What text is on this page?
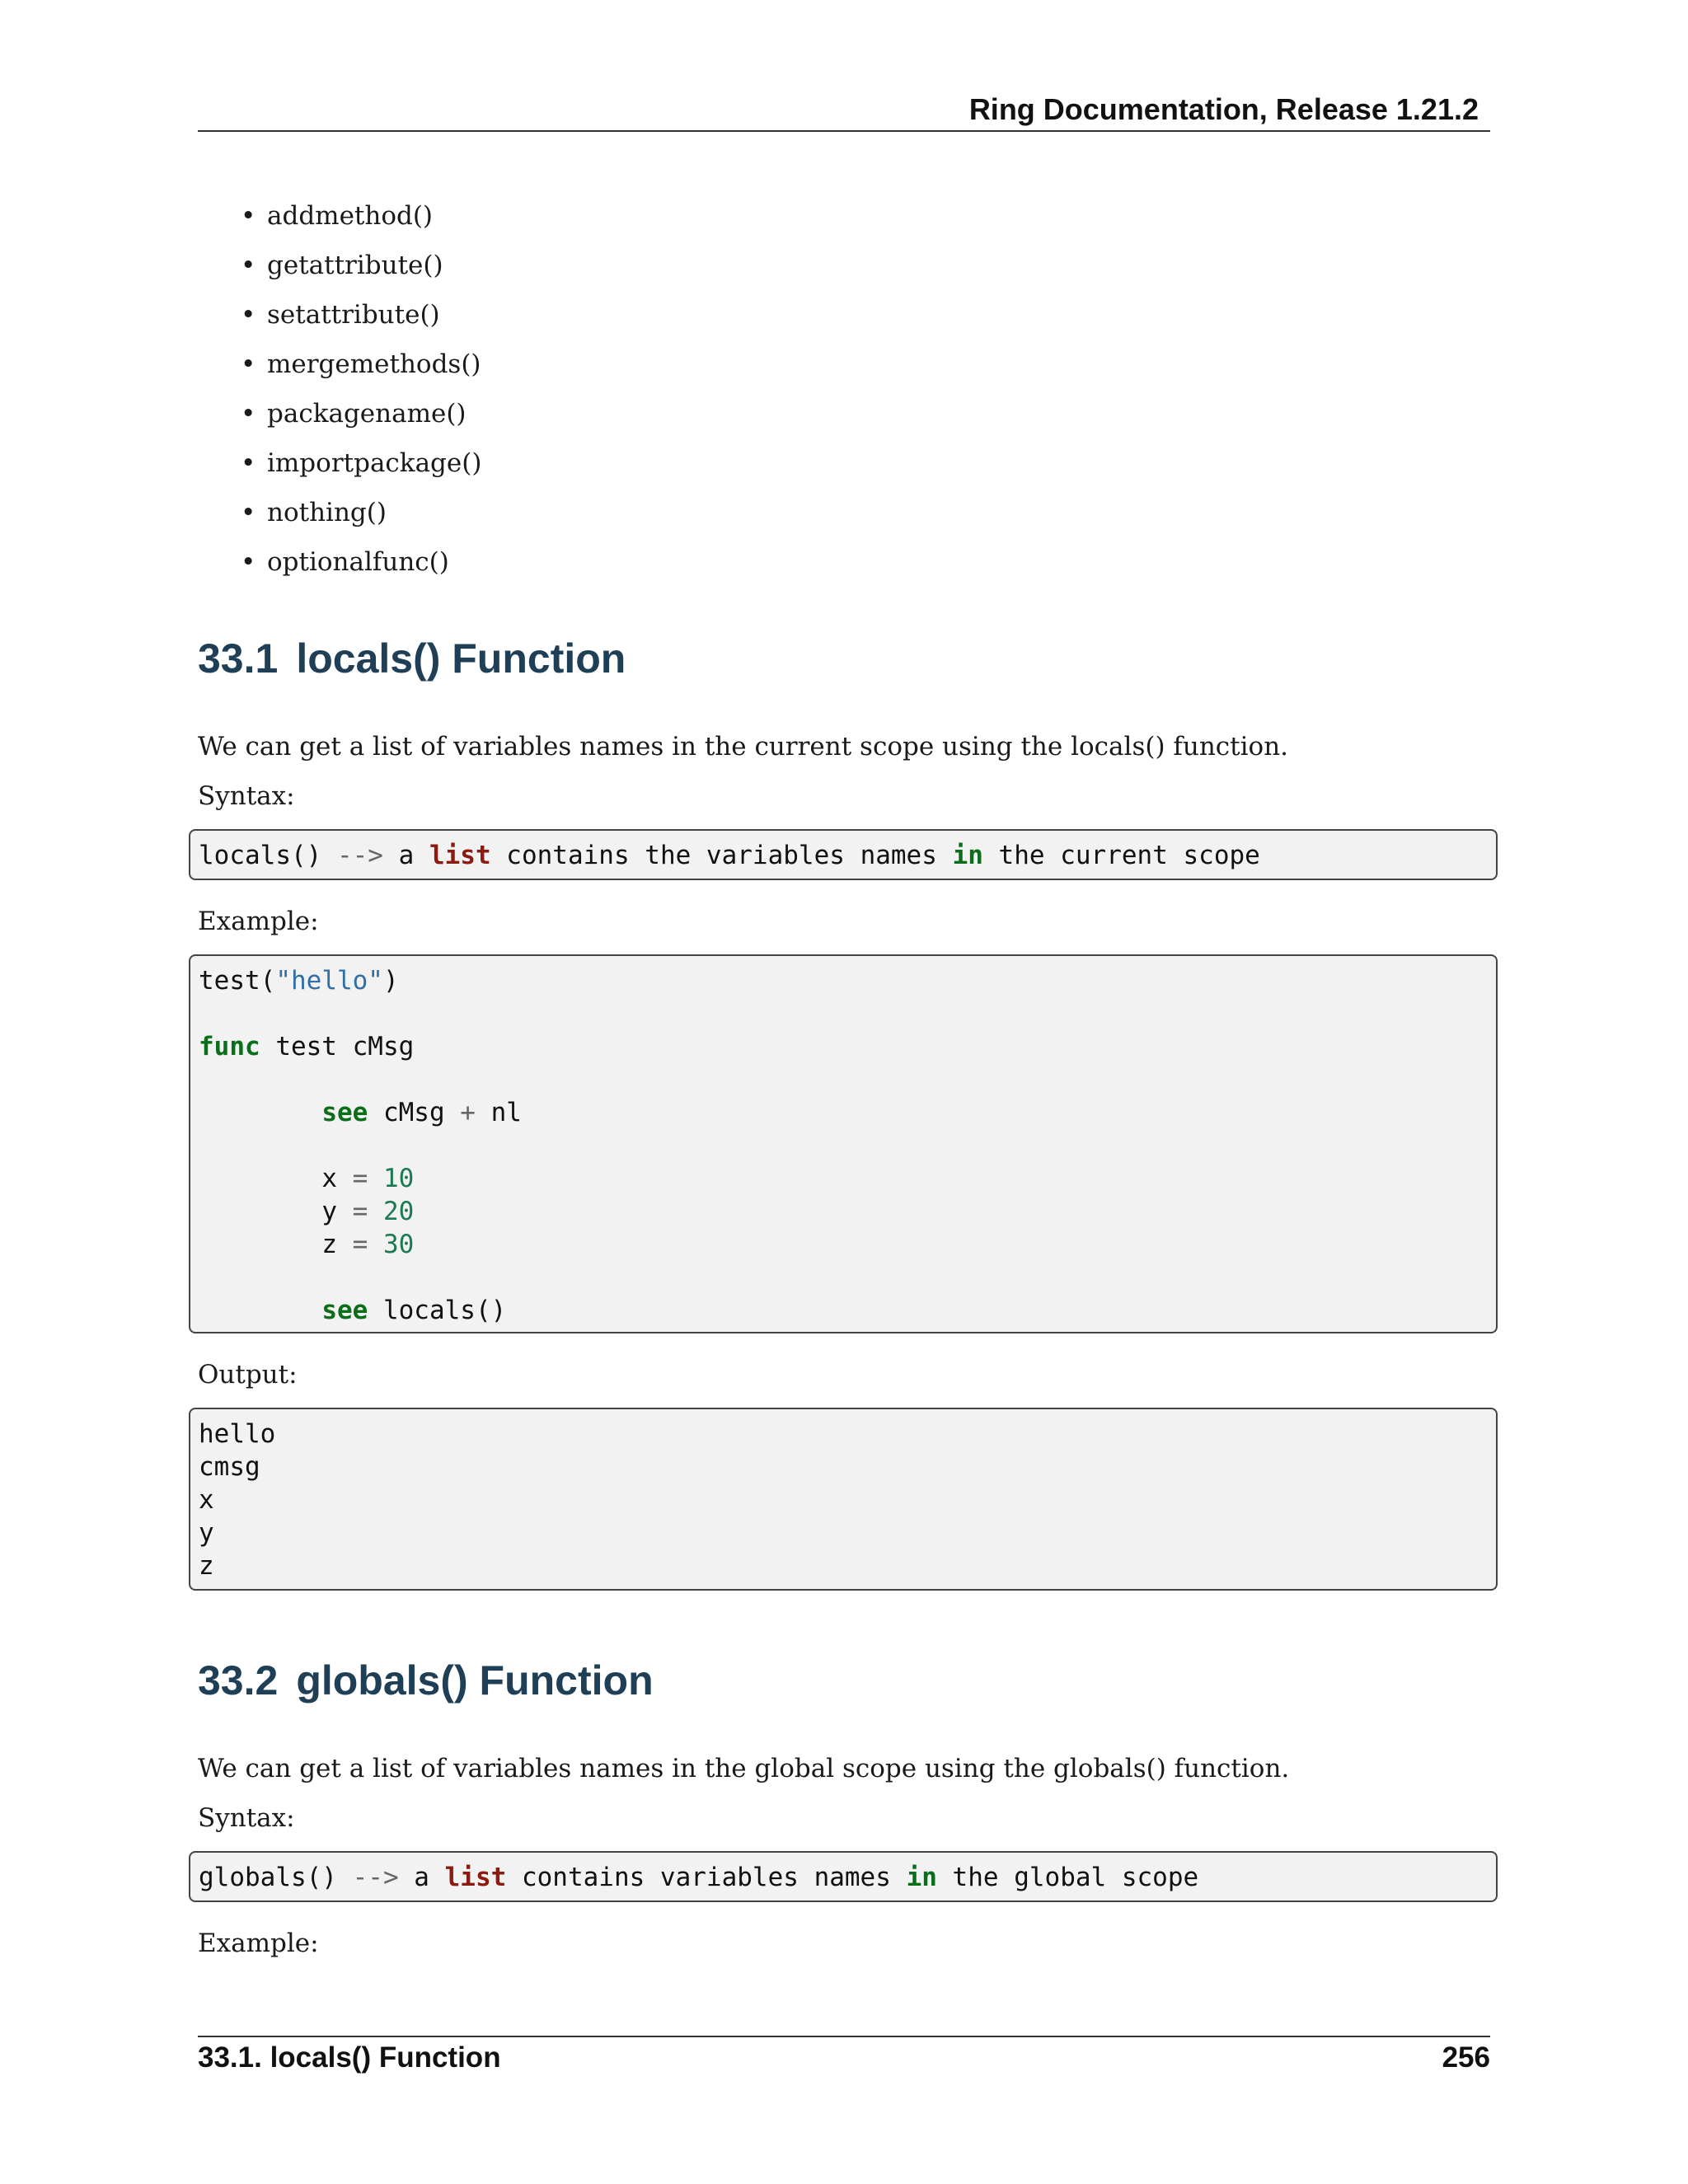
Ring Documentation, Release 1.21.2
• addmethod()
• getattribute()
• setattribute()
• mergemethods()
• packagename()
• importpackage()
• nothing()
• optionalfunc()
33.1 locals() Function

We can get a list of variables names in the current scope using the locals() function.

Syntax:

locals() --> a list contains the variables names in the current scope

Example:

test("hello")
func test cMsg
see cMsg + nl
x = 10
y = 20
z = 30
see locals()

Output:

hello
cmsg
x
y
z
33.2 globals() Function

We can get a list of variables names in the global scope using the globals() function.

Syntax:

globals() --> a list contains variables names in the global scope

Example:

33.1. locals() Function	256
